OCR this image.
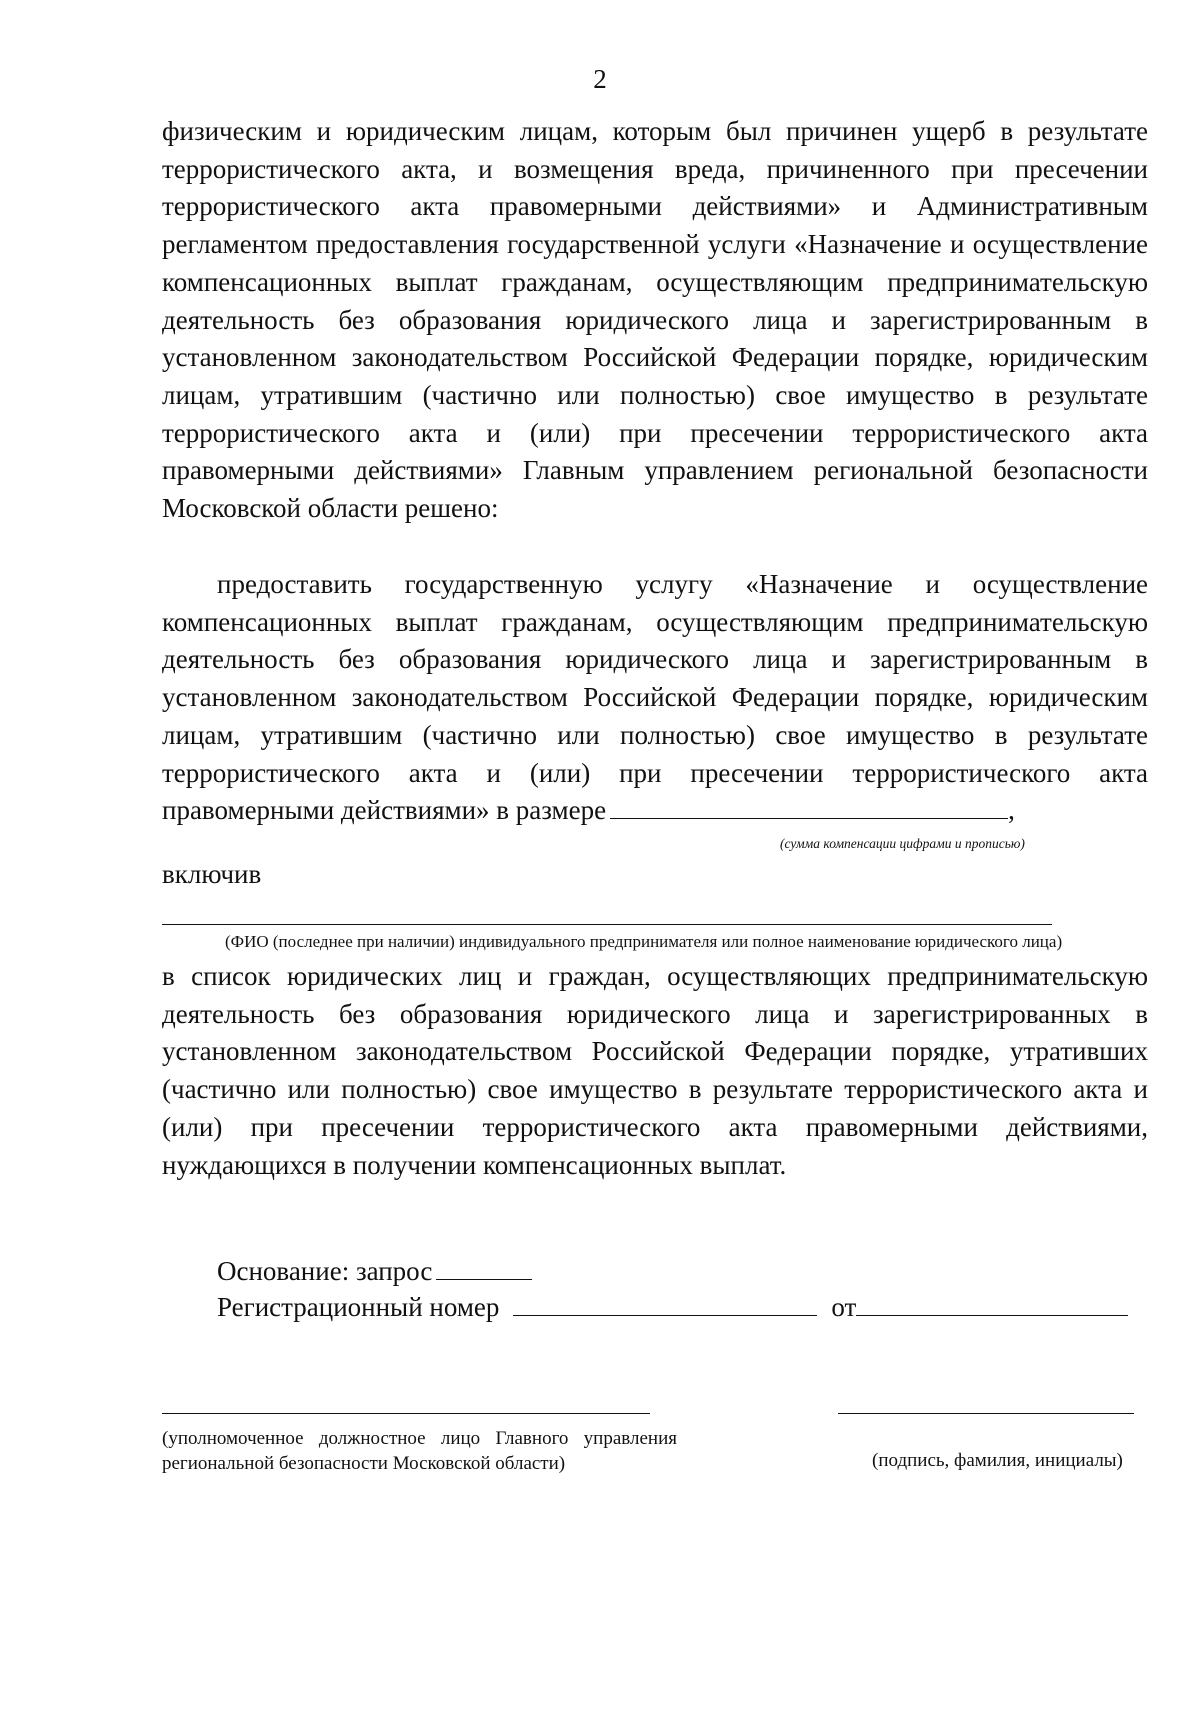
2

физическим и юридическим лицам, которым был причинен ущерб в результате террористического акта, и возмещения вреда, причиненного при пресечении террористического акта правомерными действиями» и Административным регламентом предоставления государственной услуги «Назначение и осуществление компенсационных выплат гражданам, осуществляющим предпринимательскую деятельность без образования юридического лица и зарегистрированным в установленном законодательством Российской Федерации порядке, юридическим лицам, утратившим (частично или полностью) свое имущество в результате террористического акта и (или) при пресечении террористического акта правомерными действиями» Главным управлением региональной безопасности Московской области решено:

предоставить государственную услугу «Назначение и осуществление компенсационных выплат гражданам, осуществляющим предпринимательскую деятельность без образования юридического лица и зарегистрированным в установленном законодательством Российской Федерации порядке, юридическим лицам, утратившим (частично или полностью) свое имущество в результате террористического акта и (или) при пресечении террористического акта правомерными действиями» в размере	,

(сумма компенсации цифрами и прописью)
включив
(ФИО (последнее при наличии) индивидуального предпринимателя или полное наименование юридического лица)

в список юридических лиц и граждан, осуществляющих предпринимательскую деятельность без образования юридического лица и зарегистрированных в установленном законодательством Российской Федерации порядке, утративших (частично или полностью) свое имущество в результате террористического акта и (или) при пресечении террористического акта правомерными действиями, нуждающихся в получении компенсационных выплат.

Основание: запрос
Регистрационный номер	от

(уполномоченное должностное лицо Главного управления региональной безопасности Московской области)	(подпись, фамилия, инициалы)
